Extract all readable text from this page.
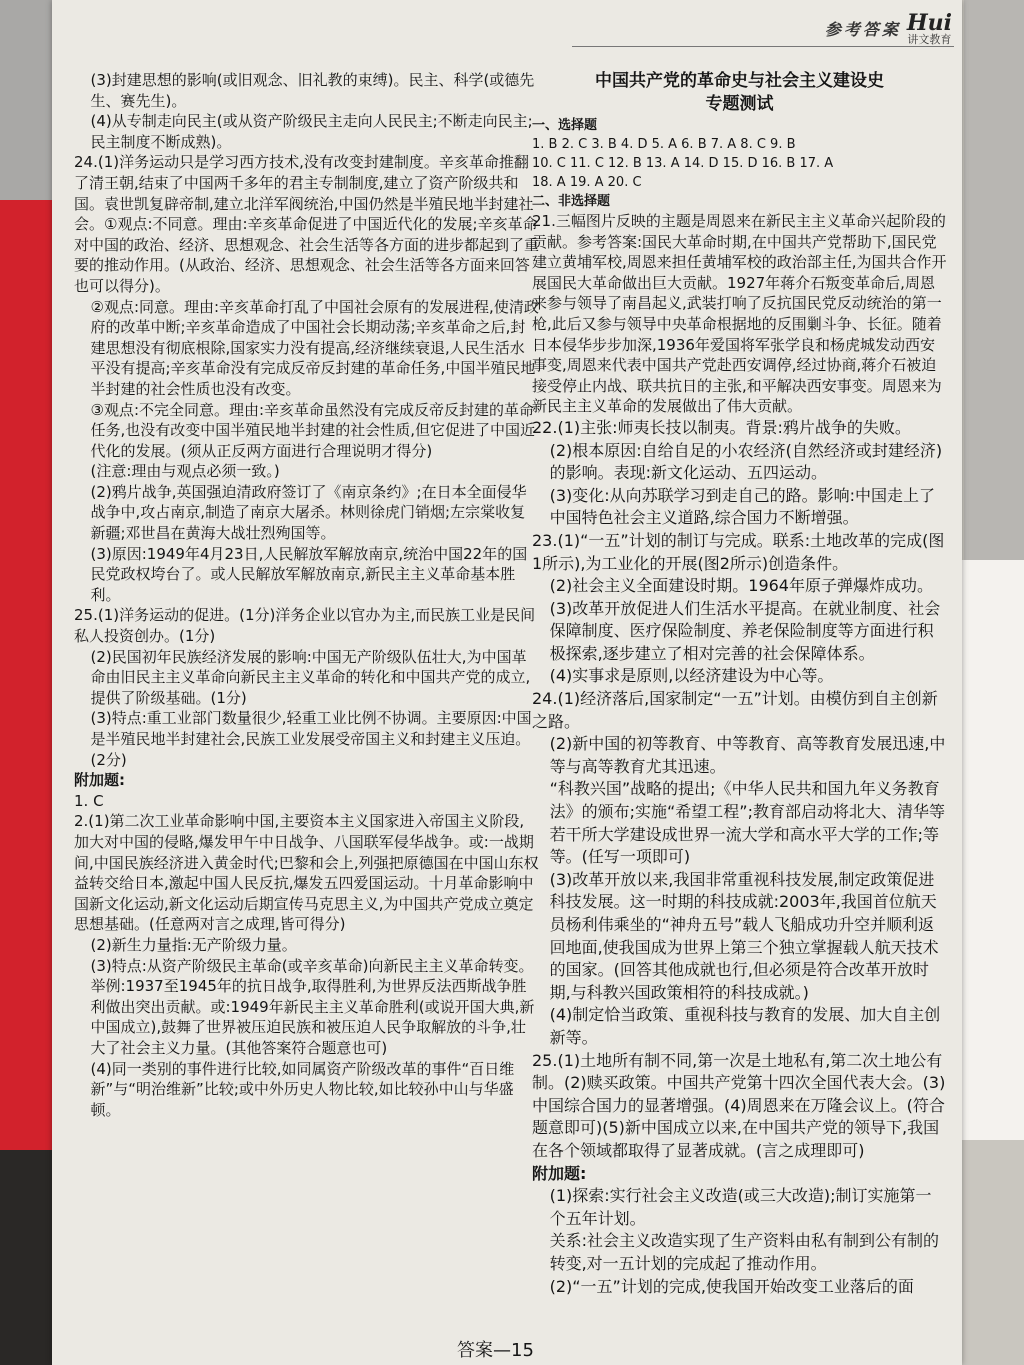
参考答案 Hui
讲文教育

(3)封建思想的影响(或旧观念、旧礼教的束缚)。民主、科学(或德先生、赛先生)。

(4)从专制走向民主(或从资产阶级民主走向人民民主;不断走向民主;民主制度不断成熟)。

24.(1)洋务运动只是学习西方技术,没有改变封建制度。辛亥革命推翻了清王朝,结束了中国两千多年的君主专制制度,建立了资产阶级共和国。袁世凯复辟帝制,建立北洋军阀统治,中国仍然是半殖民地半封建社会。①观点:不同意。理由:辛亥革命促进了中国近代化的发展;辛亥革命对中国的政治、经济、思想观念、社会生活等各方面的进步都起到了重要的推动作用。(从政治、经济、思想观念、社会生活等各方面来回答也可以得分)。

②观点:同意。理由:辛亥革命打乱了中国社会原有的发展进程,使清政府的改革中断;辛亥革命造成了中国社会长期动荡;辛亥革命之后,封建思想没有彻底根除,国家实力没有提高,经济继续衰退,人民生活水平没有提高;辛亥革命没有完成反帝反封建的革命任务,中国半殖民地半封建的社会性质也没有改变。

③观点:不完全同意。理由:辛亥革命虽然没有完成反帝反封建的革命任务,也没有改变中国半殖民地半封建的社会性质,但它促进了中国近代化的发展。(须从正反两方面进行合理说明才得分)

(注意:理由与观点必须一致。)

(2)鸦片战争,英国强迫清政府签订了《南京条约》;在日本全面侵华战争中,攻占南京,制造了南京大屠杀。林则徐虎门销烟;左宗棠收复新疆;邓世昌在黄海大战壮烈殉国等。

(3)原因:1949年4月23日,人民解放军解放南京,统治中国22年的国民党政权垮台了。或人民解放军解放南京,新民主主义革命基本胜利。

25.(1)洋务运动的促进。(1分)洋务企业以官办为主,而民族工业是民间私人投资创办。(1分)

(2)民国初年民族经济发展的影响:中国无产阶级队伍壮大,为中国革命由旧民主主义革命向新民主主义革命的转化和中国共产党的成立,提供了阶级基础。(1分)

(3)特点:重工业部门数量很少,轻重工业比例不协调。主要原因:中国是半殖民地半封建社会,民族工业发展受帝国主义和封建主义压迫。(2分)

附加题:

1. C

2.(1)第二次工业革命影响中国,主要资本主义国家进入帝国主义阶段,加大对中国的侵略,爆发甲午中日战争、八国联军侵华战争。或:一战期间,中国民族经济进入黄金时代;巴黎和会上,列强把原德国在中国山东权益转交给日本,激起中国人民反抗,爆发五四爱国运动。十月革命影响中国新文化运动,新文化运动后期宣传马克思主义,为中国共产党成立奠定思想基础。(任意两对言之成理,皆可得分)

(2)新生力量指:无产阶级力量。

(3)特点:从资产阶级民主革命(或辛亥革命)向新民主主义革命转变。举例:1937至1945年的抗日战争,取得胜利,为世界反法西斯战争胜利做出突出贡献。或:1949年新民主主义革命胜利(或说开国大典,新中国成立),鼓舞了世界被压迫民族和被压迫人民争取解放的斗争,壮大了社会主义力量。(其他答案符合题意也可)

(4)同一类别的事件进行比较,如同属资产阶级改革的事件“百日维新”与“明治维新”比较;或中外历史人物比较,如比较孙中山与华盛顿。

中国共产党的革命史与社会主义建设史

专题测试

一、选择题

1. B 2. C 3. B 4. D 5. A 6. B 7. A 8. C 9. B

10. C 11. C 12. B 13. A 14. D 15. D 16. B 17. A

18. A 19. A 20. C

二、非选择题

21.三幅图片反映的主题是周恩来在新民主主义革命兴起阶段的贡献。参考答案:国民大革命时期,在中国共产党帮助下,国民党建立黄埔军校,周恩来担任黄埔军校的政治部主任,为国共合作开展国民大革命做出巨大贡献。1927年蒋介石叛变革命后,周恩来参与领导了南昌起义,武装打响了反抗国民党反动统治的第一枪,此后又参与领导中央革命根据地的反围剿斗争、长征。随着日本侵华步步加深,1936年爱国将军张学良和杨虎城发动西安事变,周恩来代表中国共产党赴西安调停,经过协商,蒋介石被迫接受停止内战、联共抗日的主张,和平解决西安事变。周恩来为新民主主义革命的发展做出了伟大贡献。

22.(1)主张:师夷长技以制夷。背景:鸦片战争的失败。

(2)根本原因:自给自足的小农经济(自然经济或封建经济)的影响。表现:新文化运动、五四运动。

(3)变化:从向苏联学习到走自己的路。影响:中国走上了中国特色社会主义道路,综合国力不断增强。

23.(1)“一五”计划的制订与完成。联系:土地改革的完成(图1所示),为工业化的开展(图2所示)创造条件。

(2)社会主义全面建设时期。1964年原子弹爆炸成功。

(3)改革开放促进人们生活水平提高。在就业制度、社会保障制度、医疗保险制度、养老保险制度等方面进行积极探索,逐步建立了相对完善的社会保障体系。

(4)实事求是原则,以经济建设为中心等。

24.(1)经济落后,国家制定“一五”计划。由模仿到自主创新之路。

(2)新中国的初等教育、中等教育、高等教育发展迅速,中等与高等教育尤其迅速。

“科教兴国”战略的提出;《中华人民共和国九年义务教育法》的颁布;实施“希望工程”;教育部启动将北大、清华等若干所大学建设成世界一流大学和高水平大学的工作;等等。(任写一项即可)

(3)改革开放以来,我国非常重视科技发展,制定政策促进科技发展。这一时期的科技成就:2003年,我国首位航天员杨利伟乘坐的“神舟五号”载人飞船成功升空并顺利返回地面,使我国成为世界上第三个独立掌握载人航天技术的国家。(回答其他成就也行,但必须是符合改革开放时期,与科教兴国政策相符的科技成就。)

(4)制定恰当政策、重视科技与教育的发展、加大自主创新等。

25.(1)土地所有制不同,第一次是土地私有,第二次土地公有制。(2)赎买政策。中国共产党第十四次全国代表大会。(3)中国综合国力的显著增强。(4)周恩来在万隆会议上。(符合题意即可)(5)新中国成立以来,在中国共产党的领导下,我国在各个领域都取得了显著成就。(言之成理即可)

附加题:

(1)探索:实行社会主义改造(或三大改造);制订实施第一个五年计划。

关系:社会主义改造实现了生产资料由私有制到公有制的转变,对一五计划的完成起了推动作用。

(2)“一五”计划的完成,使我国开始改变工业落后的面

答案—15
